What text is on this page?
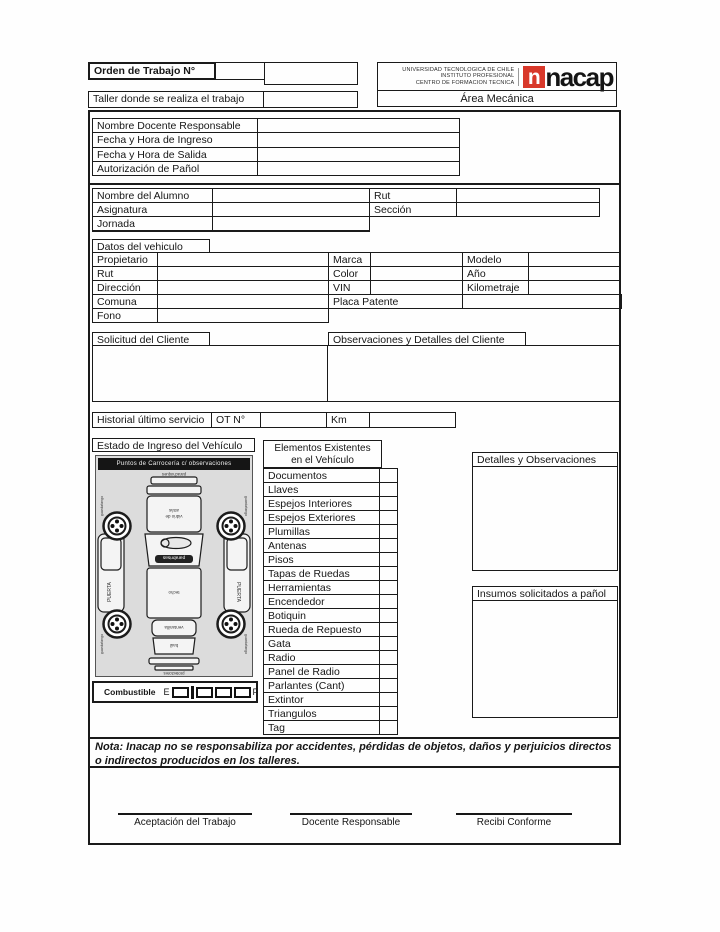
Orden de Trabajo N°
Taller donde se realiza el trabajo
UNIVERSIDAD TECNOLOGICA DE CHILE
INSTITUTO PROFESIONAL
CENTRO DE FORMACION TECNICA n nacap
Área Mecánica
Nombre Docente Responsable
Fecha y Hora de Ingreso
Fecha y Hora de Salida
Autorización de Pañol
Nombre del Alumno	Rut
Asignatura	Sección
Jornada
Datos del vehiculo
Propietario	Marca	Modelo
Rut	Color	Año
Dirección	VIN	Kilometraje
Comuna	Placa Patente
Fono
Solicitud del Cliente	Observaciones y Detalles del Cliente
Historial último servicio	OT N°	Km
Estado de Ingreso del Vehículo
Puntos de Carrocería c/ observaciones
parachoques
vidrio de
atrás
parabrisas
techo
ventanilla
baúl
protectores
PUERTA	PUERTA
guardafango	guardafango
guardafango	guardafango
Combustible E	F
Elementos Existentes
en el Vehículo
Documentos
Llaves
Espejos Interiores
Espejos Exteriores
Plumillas
Antenas
Pisos
Tapas de Ruedas
Herramientas
Encendedor
Botiquin
Rueda de Repuesto
Gata
Radio
Panel de Radio
Parlantes (Cant)
Extintor
Triangulos
Tag
Detalles y Observaciones
Insumos solicitados a pañol
Nota: Inacap no se responsabiliza por accidentes, pérdidas de objetos, daños y perjuicios directos o indirectos producidos en los talleres.
Aceptación del Trabajo	Docente Responsable	Recibi Conforme
